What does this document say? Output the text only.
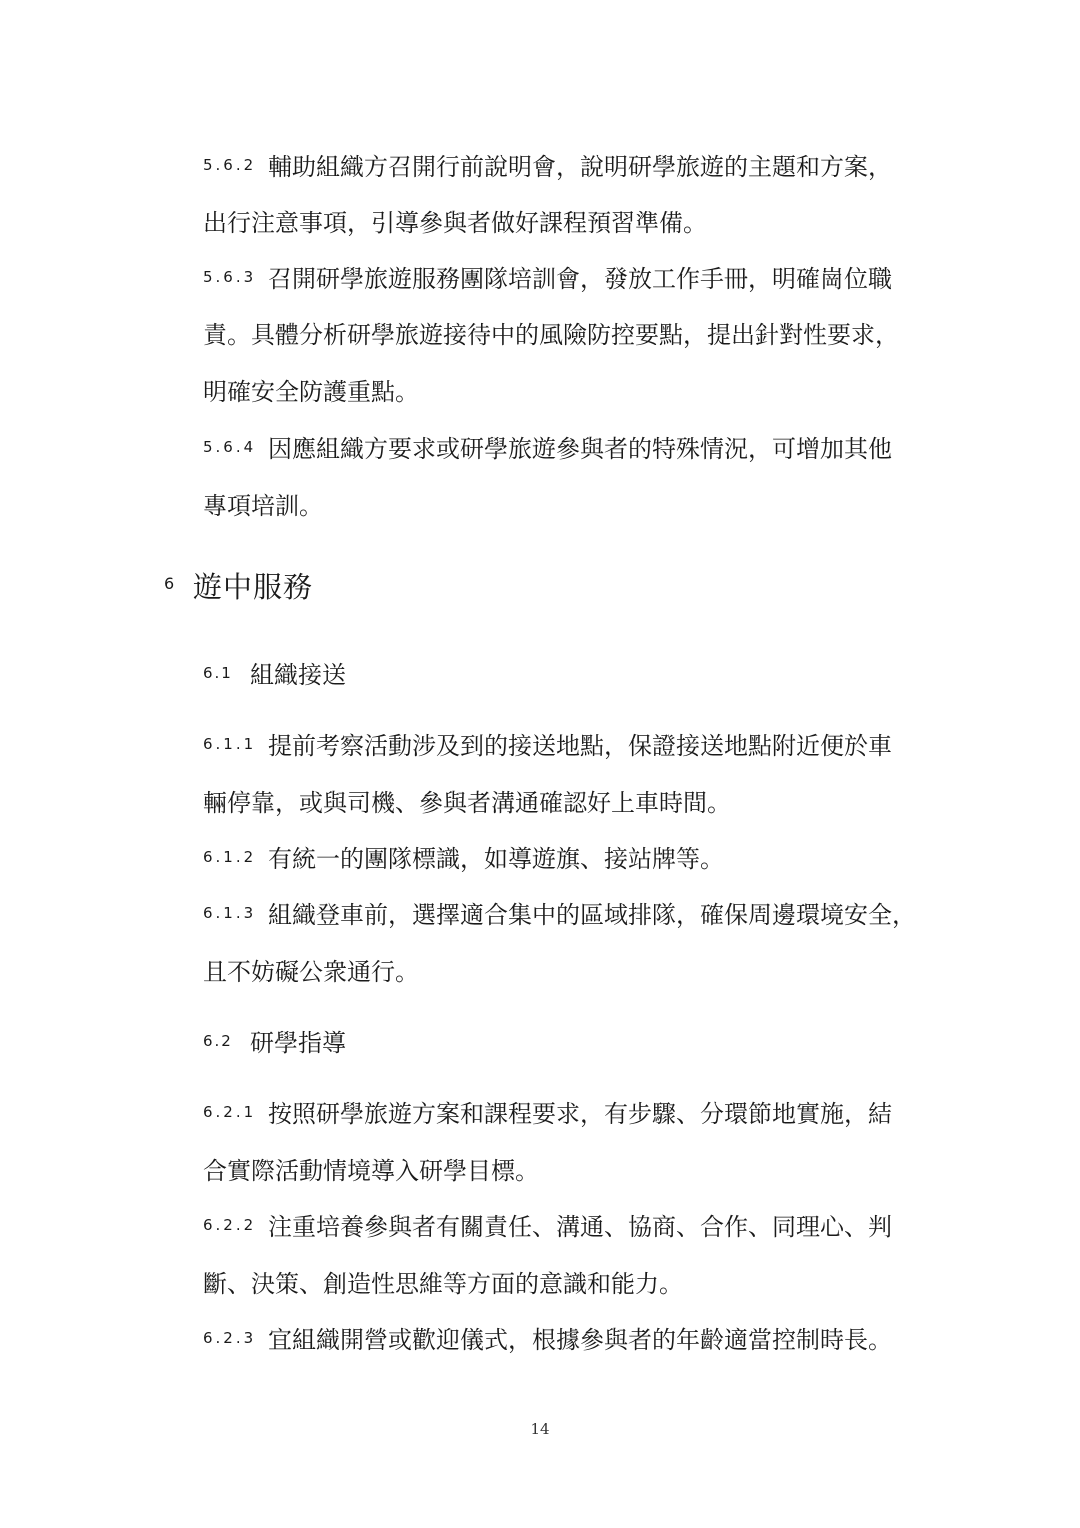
5.6.2 輔助組織方召開行前說明會，說明研學旅遊的主題和方案，
出行注意事項，引導參與者做好課程預習準備。
5.6.3 召開研學旅遊服務團隊培訓會，發放工作手冊，明確崗位職
責。具體分析研學旅遊接待中的風險防控要點，提出針對性要求，
明確安全防護重點。
5.6.4 因應組織方要求或研學旅遊參與者的特殊情況，可增加其他
專項培訓。
6 遊中服務
6.1 組織接送
6.1.1 提前考察活動涉及到的接送地點，保證接送地點附近便於車
輛停靠，或與司機、參與者溝通確認好上車時間。
6.1.2 有統一的團隊標識，如導遊旗、接站牌等。
6.1.3 組織登車前，選擇適合集中的區域排隊，確保周邊環境安全，
且不妨礙公衆通行。
6.2 研學指導
6.2.1 按照研學旅遊方案和課程要求，有步驟、分環節地實施，結
合實際活動情境導入研學目標。
6.2.2 注重培養參與者有關責任、溝通、協商、合作、同理心、判
斷、決策、創造性思維等方面的意識和能力。
6.2.3 宜組織開營或歡迎儀式，根據參與者的年齡適當控制時長。
14
